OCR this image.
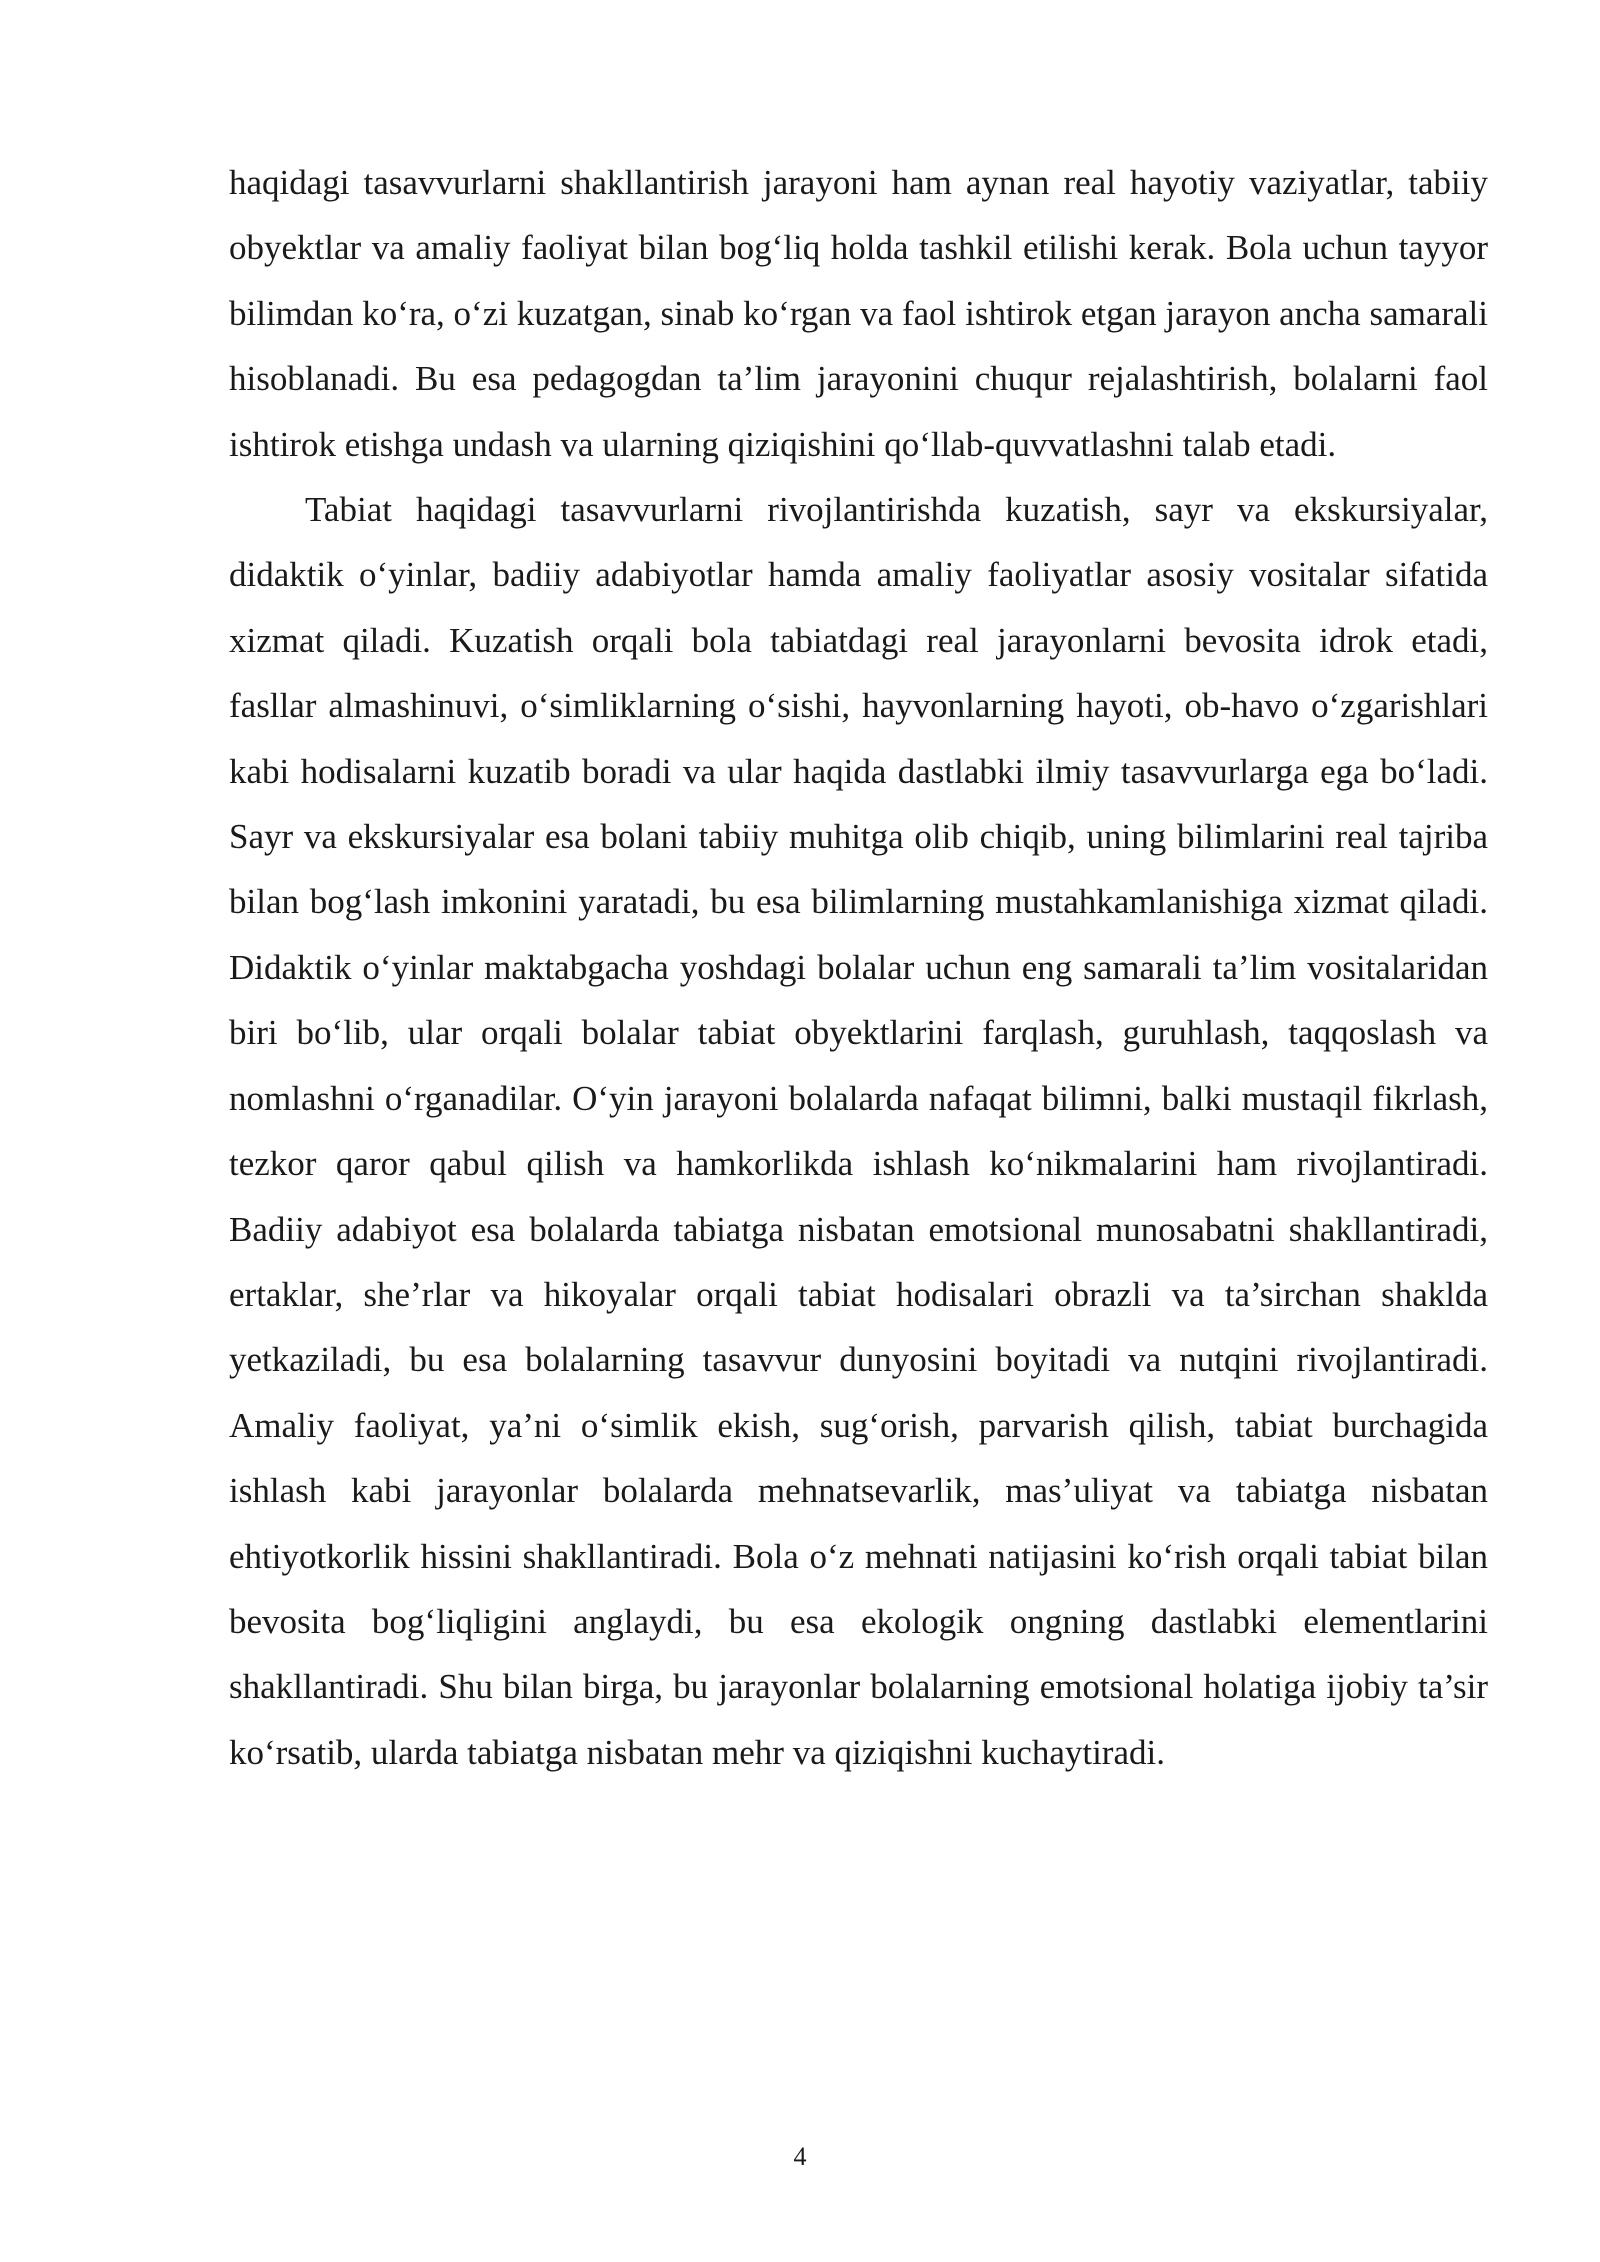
haqidagi tasavvurlarni shakllantirish jarayoni ham aynan real hayotiy vaziyatlar, tabiiy obyektlar va amaliy faoliyat bilan bog‘liq holda tashkil etilishi kerak. Bola uchun tayyor bilimdan ko‘ra, o‘zi kuzatgan, sinab ko‘rgan va faol ishtirok etgan jarayon ancha samarali hisoblanadi. Bu esa pedagogdan ta’lim jarayonini chuqur rejalashtirish, bolalarni faol ishtirok etishga undash va ularning qiziqishini qo‘llab-quvvatlashni talab etadi.

Tabiat haqidagi tasavvurlarni rivojlantirishda kuzatish, sayr va ekskursiyalar, didaktik o‘yinlar, badiiy adabiyotlar hamda amaliy faoliyatlar asosiy vositalar sifatida xizmat qiladi. Kuzatish orqali bola tabiatdagi real jarayonlarni bevosita idrok etadi, fasllar almashinuvi, o‘simliklarning o‘sishi, hayvonlarning hayoti, ob-havo o‘zgarishlari kabi hodisalarni kuzatib boradi va ular haqida dastlabki ilmiy tasavvurlarga ega bo‘ladi. Sayr va ekskursiyalar esa bolani tabiiy muhitga olib chiqib, uning bilimlarini real tajriba bilan bog‘lash imkonini yaratadi, bu esa bilimlarning mustahkamlanishiga xizmat qiladi. Didaktik o‘yinlar maktabgacha yoshdagi bolalar uchun eng samarali ta’lim vositalaridan biri bo‘lib, ular orqali bolalar tabiat obyektlarini farqlash, guruhlash, taqqoslash va nomlashni o‘rganadilar. O‘yin jarayoni bolalarda nafaqat bilimni, balki mustaqil fikrlash, tezkor qaror qabul qilish va hamkorlikda ishlash ko‘nikmalarini ham rivojlantiradi. Badiiy adabiyot esa bolalarda tabiatga nisbatan emotsional munosabatni shakllantiradi, ertaklar, she’rlar va hikoyalar orqali tabiat hodisalari obrazli va ta’sirchan shaklda yetkaziladi, bu esa bolalarning tasavvur dunyosini boyitadi va nutqini rivojlantiradi. Amaliy faoliyat, ya’ni o‘simlik ekish, sug‘orish, parvarish qilish, tabiat burchagida ishlash kabi jarayonlar bolalarda mehnatsevarlik, mas’uliyat va tabiatga nisbatan ehtiyotkorlik hissini shakllantiradi. Bola o‘z mehnati natijasini ko‘rish orqali tabiat bilan bevosita bog‘liqligini anglaydi, bu esa ekologik ongning dastlabki elementlarini shakllantiradi. Shu bilan birga, bu jarayonlar bolalarning emotsional holatiga ijobiy ta’sir ko‘rsatib, ularda tabiatga nisbatan mehr va qiziqishni kuchaytiradi.

4
